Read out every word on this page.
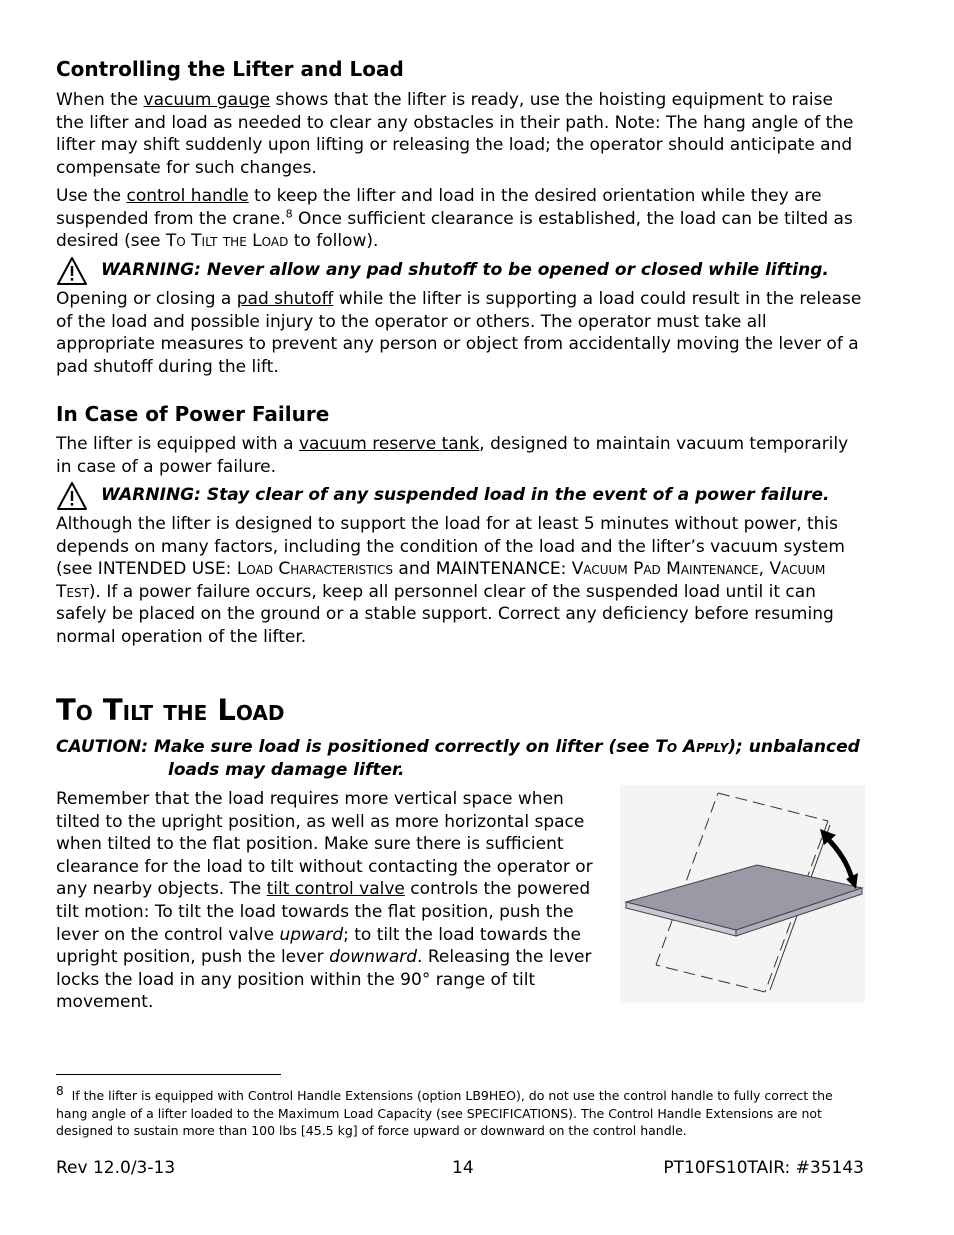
Controlling the Lifter and Load
When the vacuum gauge shows that the lifter is ready, use the hoisting equipment to raise the lifter and load as needed to clear any obstacles in their path. Note: The hang angle of the lifter may shift suddenly upon lifting or releasing the load; the operator should anticipate and compensate for such changes.
Use the control handle to keep the lifter and load in the desired orientation while they are suspended from the crane.$^8$ Once sufficient clearance is established, the load can be tilted as desired (see To Tilt the Load to follow).
WARNING: Never allow any pad shutoff to be opened or closed while lifting.
Opening or closing a pad shutoff while the lifter is supporting a load could result in the release of the load and possible injury to the operator or others. The operator must take all appropriate measures to prevent any person or object from accidentally moving the lever of a pad shutoff during the lift.
In Case of Power Failure
The lifter is equipped with a vacuum reserve tank, designed to maintain vacuum temporarily in case of a power failure.
WARNING: Stay clear of any suspended load in the event of a power failure.
Although the lifter is designed to support the load for at least 5 minutes without power, this depends on many factors, including the condition of the load and the lifter’s vacuum system (see INTENDED USE: Load Characteristics and MAINTENANCE: Vacuum Pad Maintenance, Vacuum Test). If a power failure occurs, keep all personnel clear of the suspended load until it can safely be placed on the ground or a stable support. Correct any deficiency before resuming normal operation of the lifter.
To Tilt the Load
CAUTION: Make sure load is positioned correctly on lifter (see To Apply); unbalanced
loads may damage lifter.
Remember that the load requires more vertical space when tilted to the upright position, as well as more horizontal space when tilted to the flat position. Make sure there is sufficient clearance for the load to tilt without contacting the operator or any nearby objects. The tilt control valve controls the powered tilt motion: To tilt the load towards the flat position, push the lever on the control valve upward; to tilt the load towards the upright position, push the lever downward. Releasing the lever locks the load in any position within the 90° range of tilt movement.
$^8$ If the lifter is equipped with Control Handle Extensions (option LB9HEO), do not use the control handle to fully correct the hang angle of a lifter loaded to the Maximum Load Capacity (see SPECIFICATIONS). The Control Handle Extensions are not designed to sustain more than 100 lbs [45.5 kg] of force upward or downward on the control handle.
Rev 12.0/3-13	14	PT10FS10TAIR: #35143
